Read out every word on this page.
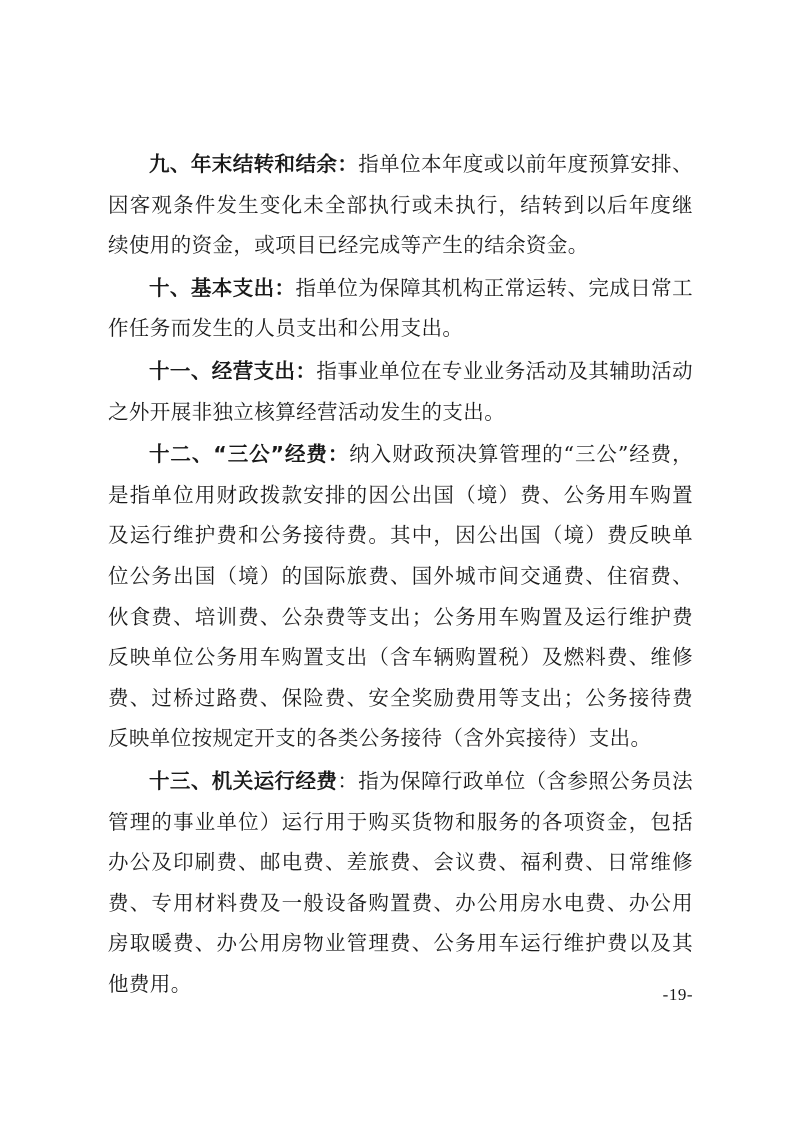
九、年末结转和结余：指单位本年度或以前年度预算安排、因客观条件发生变化未全部执行或未执行，结转到以后年度继续使用的资金，或项目已经完成等产生的结余资金。

十、基本支出：指单位为保障其机构正常运转、完成日常工作任务而发生的人员支出和公用支出。

十一、经营支出：指事业单位在专业业务活动及其辅助活动之外开展非独立核算经营活动发生的支出。

十二、“三公”经费：纳入财政预决算管理的“三公”经费，是指单位用财政拨款安排的因公出国（境）费、公务用车购置及运行维护费和公务接待费。其中，因公出国（境）费反映单位公务出国（境）的国际旅费、国外城市间交通费、住宿费、伙食费、培训费、公杂费等支出；公务用车购置及运行维护费反映单位公务用车购置支出（含车辆购置税）及燃料费、维修费、过桥过路费、保险费、安全奖励费用等支出；公务接待费反映单位按规定开支的各类公务接待（含外宾接待）支出。

十三、机关运行经费：指为保障行政单位（含参照公务员法管理的事业单位）运行用于购买货物和服务的各项资金，包括办公及印刷费、邮电费、差旅费、会议费、福利费、日常维修费、专用材料费及一般设备购置费、办公用房水电费、办公用房取暖费、办公用房物业管理费、公务用车运行维护费以及其他费用。	-19-
